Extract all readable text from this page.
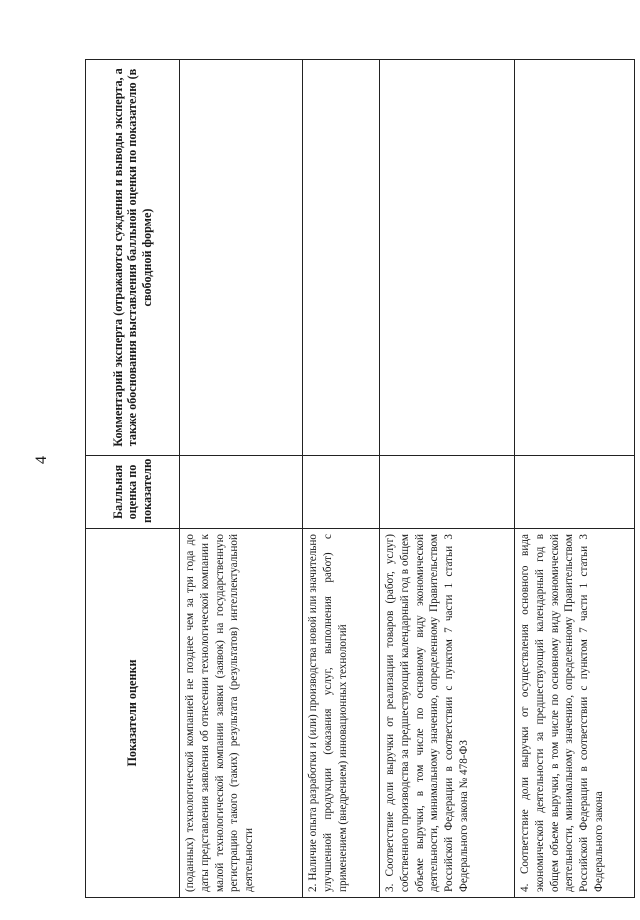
4
Показатели оценки	Балльная оценка по показателю	Комментарий эксперта (отражаются суждения и выводы эксперта, а также обоснования выставления балльной оценки по показателю (в свободной форме)
(поданных) технологической компанией не позднее чем за три года до даты представления заявления об отнесении технологической компании к малой технологической компании заявки (заявок) на государственную регистрацию такого (таких) результата (результатов) интеллектуальной деятельности		
2. Наличие опыта разработки и (или) производства новой или значительно улучшенной продукции (оказания услуг, выполнения работ) с применением (внедрением) инновационных технологий		
3. Соответствие доли выручки от реализации товаров (работ, услуг) собственного производства за предшествующий календарный год в общем объеме выручки, в том числе по основному виду экономической деятельности, минимальному значению, определенному Правительством Российской Федерации в соответствии с пунктом 7 части 1 статьи 3 Федерального закона № 478-ФЗ		
4. Соответствие доли выручки от осуществления основного вида экономической деятельности за предшествующий календарный год в общем объеме выручки, в том числе по основному виду экономической деятельности, минимальному значению, определенному Правительством Российской Федерации в соответствии с пунктом 7 части 1 статьи 3 Федерального закона		
